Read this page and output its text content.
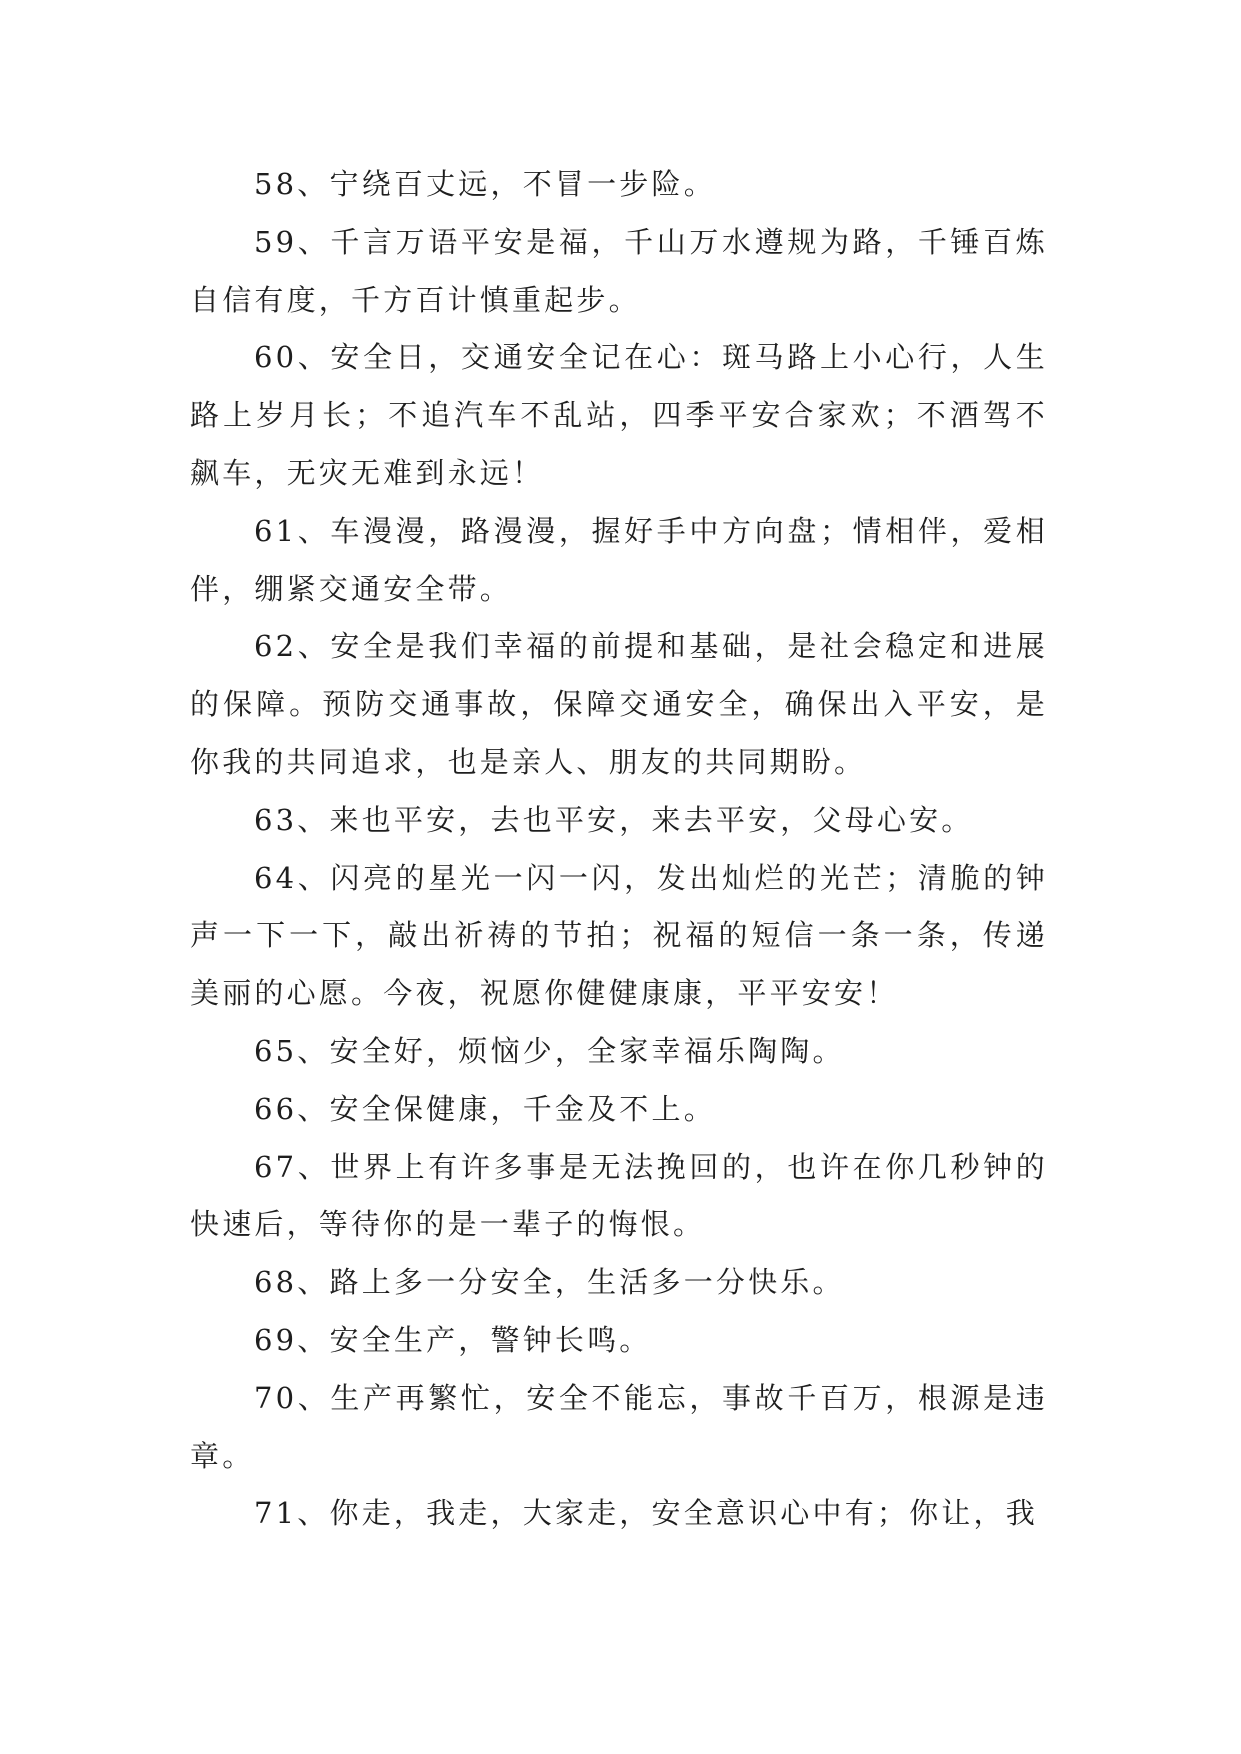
58、宁绕百丈远，不冒一步险。

59、千言万语平安是福，千山万水遵规为路，千锤百炼自信有度，千方百计慎重起步。

60、安全日，交通安全记在心：斑马路上小心行，人生路上岁月长；不追汽车不乱站，四季平安合家欢；不酒驾不飙车，无灾无难到永远！

61、车漫漫，路漫漫，握好手中方向盘；情相伴，爱相伴，绷紧交通安全带。

62、安全是我们幸福的前提和基础，是社会稳定和进展的保障。预防交通事故，保障交通安全，确保出入平安，是你我的共同追求，也是亲人、朋友的共同期盼。

63、来也平安，去也平安，来去平安，父母心安。

64、闪亮的星光一闪一闪，发出灿烂的光芒；清脆的钟声一下一下，敲出祈祷的节拍；祝福的短信一条一条，传递美丽的心愿。今夜，祝愿你健健康康，平平安安！

65、安全好，烦恼少，全家幸福乐陶陶。

66、安全保健康，千金及不上。

67、世界上有许多事是无法挽回的，也许在你几秒钟的快速后，等待你的是一辈子的悔恨。

68、路上多一分安全，生活多一分快乐。

69、安全生产，警钟长鸣。

70、生产再繁忙，安全不能忘，事故千百万，根源是违章。

71、你走，我走，大家走，安全意识心中有；你让，我
